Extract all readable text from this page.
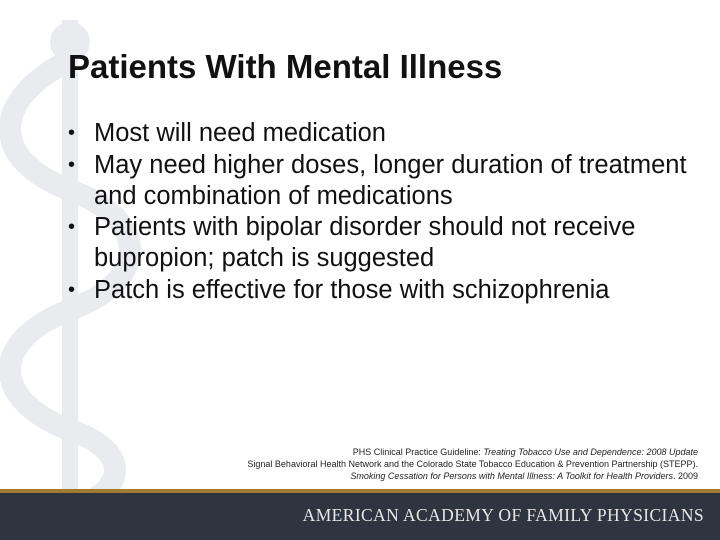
Patients With Mental Illness
• Most will need medication
• May need higher doses, longer duration of treatment and combination of medications
• Patients with bipolar disorder should not receive bupropion; patch is suggested
• Patch is effective for those with schizophrenia
PHS Clinical Practice Guideline: Treating Tobacco Use and Dependence: 2008 Update
Signal Behavioral Health Network and the Colorado State Tobacco Education & Prevention Partnership (STEPP).
Smoking Cessation for Persons with Mental Illness: A Toolkit for Health Providers. 2009
AMERICAN ACADEMY OF FAMILY PHYSICIANS
